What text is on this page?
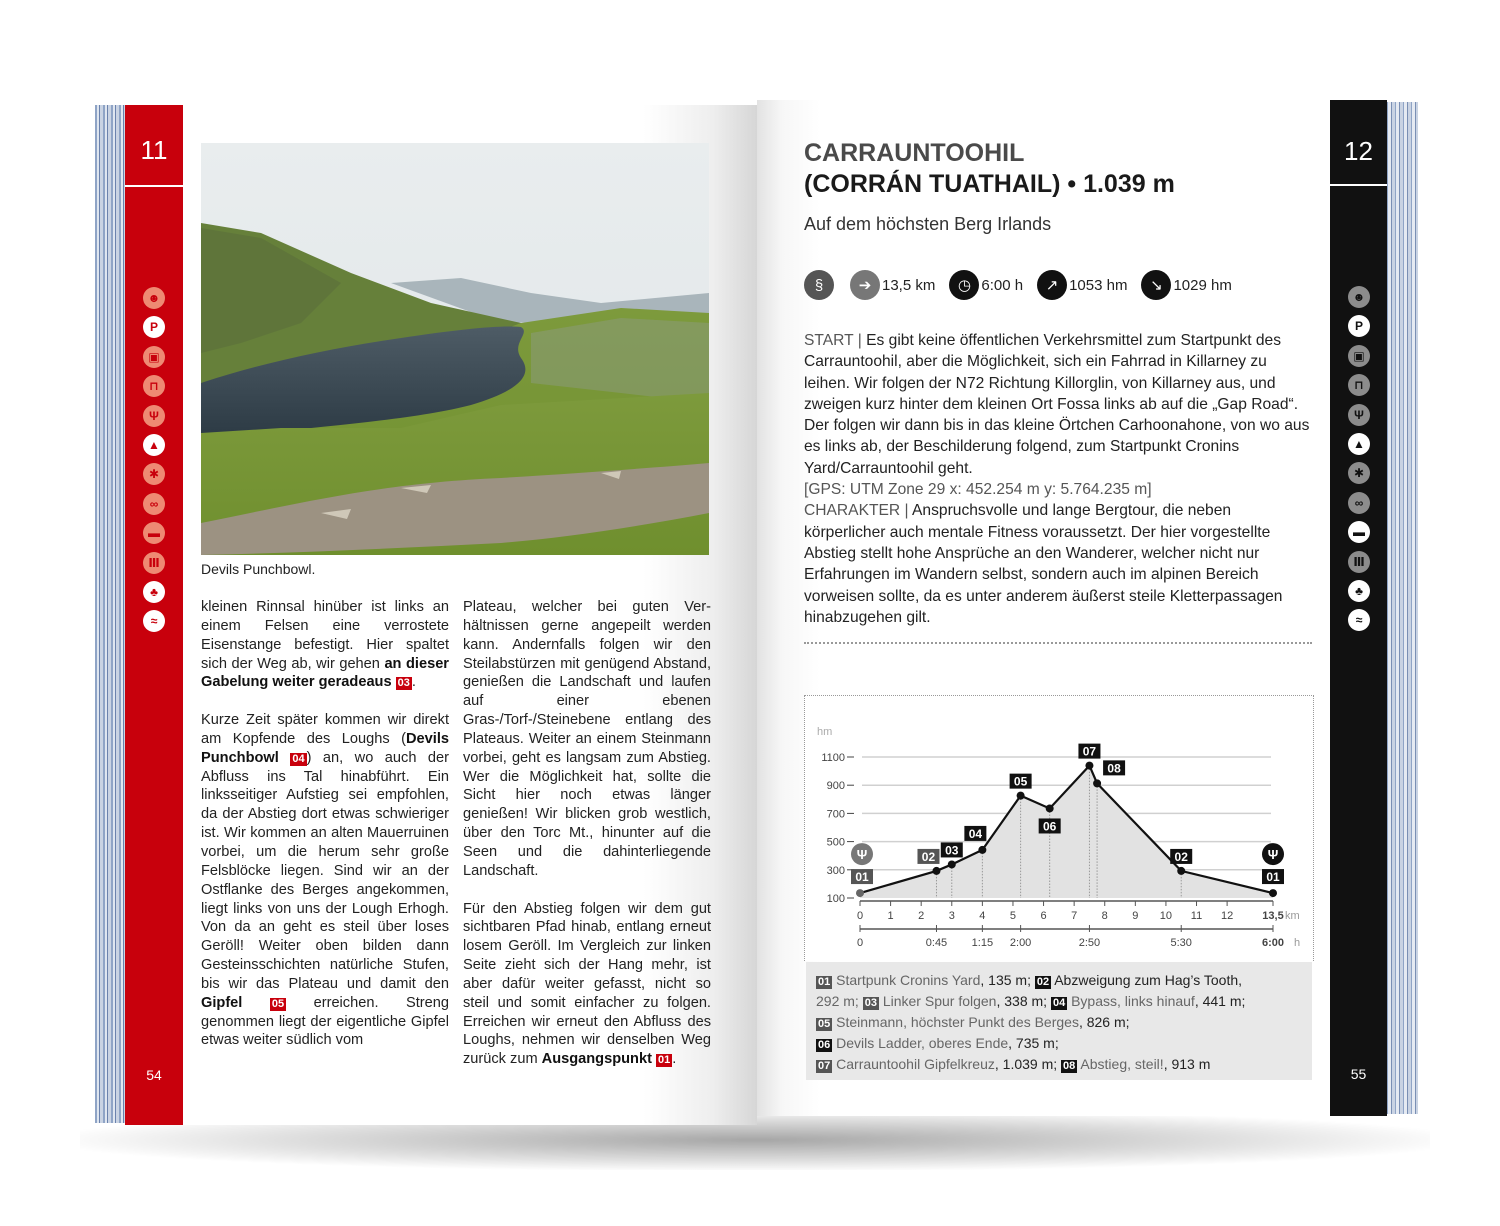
11
☻
P
▣
⊓
Ψ
▲
✱
∞
▬
Ⅲ
♣
≈
54
Devils Punchbowl.

kleinen Rinnsal hinüber ist links an einem Felsen eine verrostete Eisenstange befestigt. Hier spaltet sich der Weg ab, wir gehen an dieser Gabelung weiter geradeaus 03 .

Kurze Zeit später kommen wir direkt am Kopfende des Loughs (Devils Punchbowl 04 ) an, wo auch der Abfluss ins Tal hinabführt. Ein linksseitiger Aufstieg sei empfohlen, da der Abstieg dort etwas schwieriger ist. Wir kommen an alten Mauerruinen vorbei, um die herum sehr große Felsblöcke liegen. Sind wir an der Ostflanke des Berges angekommen, liegt links von uns der Lough Erhogh. Von da an geht es steil über loses Geröll! Weiter oben bilden dann Gesteinsschichten natürliche Stufen, bis wir das Plateau und damit den Gipfel	05 erreichen. Streng genommen liegt der eigentliche Gipfel etwas weiter südlich vom

Plateau, welcher bei guten Verhältnissen gerne angepeilt werden kann. Andernfalls folgen wir den Steilabstürzen mit genügend Abstand, genießen die Landschaft und laufen auf einer ebenen Gras-/Torf-/Steinebene entlang des Plateaus. Weiter an einem Steinmann vorbei, geht es langsam zum Abstieg. Wer die Möglichkeit hat, sollte die Sicht hier noch etwas länger genießen! Wir blicken grob westlich, über den Torc Mt., hinunter auf die Seen und die dahinterliegende Landschaft.

Für den Abstieg folgen wir dem gut sichtbaren Pfad hinab, entlang erneut losem Geröll. Im Vergleich zur linken Seite zieht sich der Hang mehr, ist aber dafür weiter gefasst, nicht so steil und somit einfacher zu folgen. Erreichen wir erneut den Abfluss des Loughs, nehmen wir denselben Weg zurück zum Ausgangspunkt 01 .

12
☻
P
▣
⊓
Ψ
▲
✱
∞
▬
Ⅲ
♣
≈
55
CARRAUNTOOHIL
(CORRÁN TUATHAIL) • 1.039 m
Auf dem höchsten Berg Irlands
§	➔ 13,5 km	◷ 6:00 h	↗ 1053 hm	↘ 1029 hm
START | Es gibt keine öffentlichen Verkehrsmittel zum Startpunkt des Carrauntoohil, aber die Möglichkeit, sich ein Fahrrad in Killarney zu leihen. Wir folgen der N72 Richtung Killorglin, von Killarney aus, und zweigen kurz hinter dem kleinen Ort Fossa links ab auf die „Gap Road“. Der folgen wir dann bis in das kleine Örtchen Carhoonahone, von wo aus es links ab, der Beschilderung folgend, zum Startpunkt Cronins Yard/Carrauntoohil geht.
[GPS: UTM Zone 29 x: 452.254 m y: 5.764.235 m]
CHARAKTER | Anspruchsvolle und lange Bergtour, die neben körperlicher auch mentale Fitness voraussetzt. Der hier vorgestellte Abstieg stellt hohe Ansprüche an den Wanderer, welcher nicht nur Erfahrungen im Wandern selbst, sondern auch im alpinen Bereich vorweisen sollte, da es unter anderem äußerst steile Kletterpassagen hinabzugehen gilt.
hm
100
300
500
700
900
1100
0 1 2 3 4 5 6 7 8 9 10 11 12	13,5 km
0	0:45 1:15 2:00	2:50	5:30	6:00 h
01
Ψ	02 03
04
05
06
07
08
02
01
Ψ
01 Startpunk Cronins Yard, 135 m; 02 Abzweigung zum Hag’s Tooth,
292 m; 03 Linker Spur folgen, 338 m; 04 Bypass, links hinauf, 441 m;
05 Steinmann, höchster Punkt des Berges, 826 m;
06 Devils Ladder, oberes Ende, 735 m;
07 Carrauntoohil Gipfelkreuz, 1.039 m; 08 Abstieg, steil!, 913 m
